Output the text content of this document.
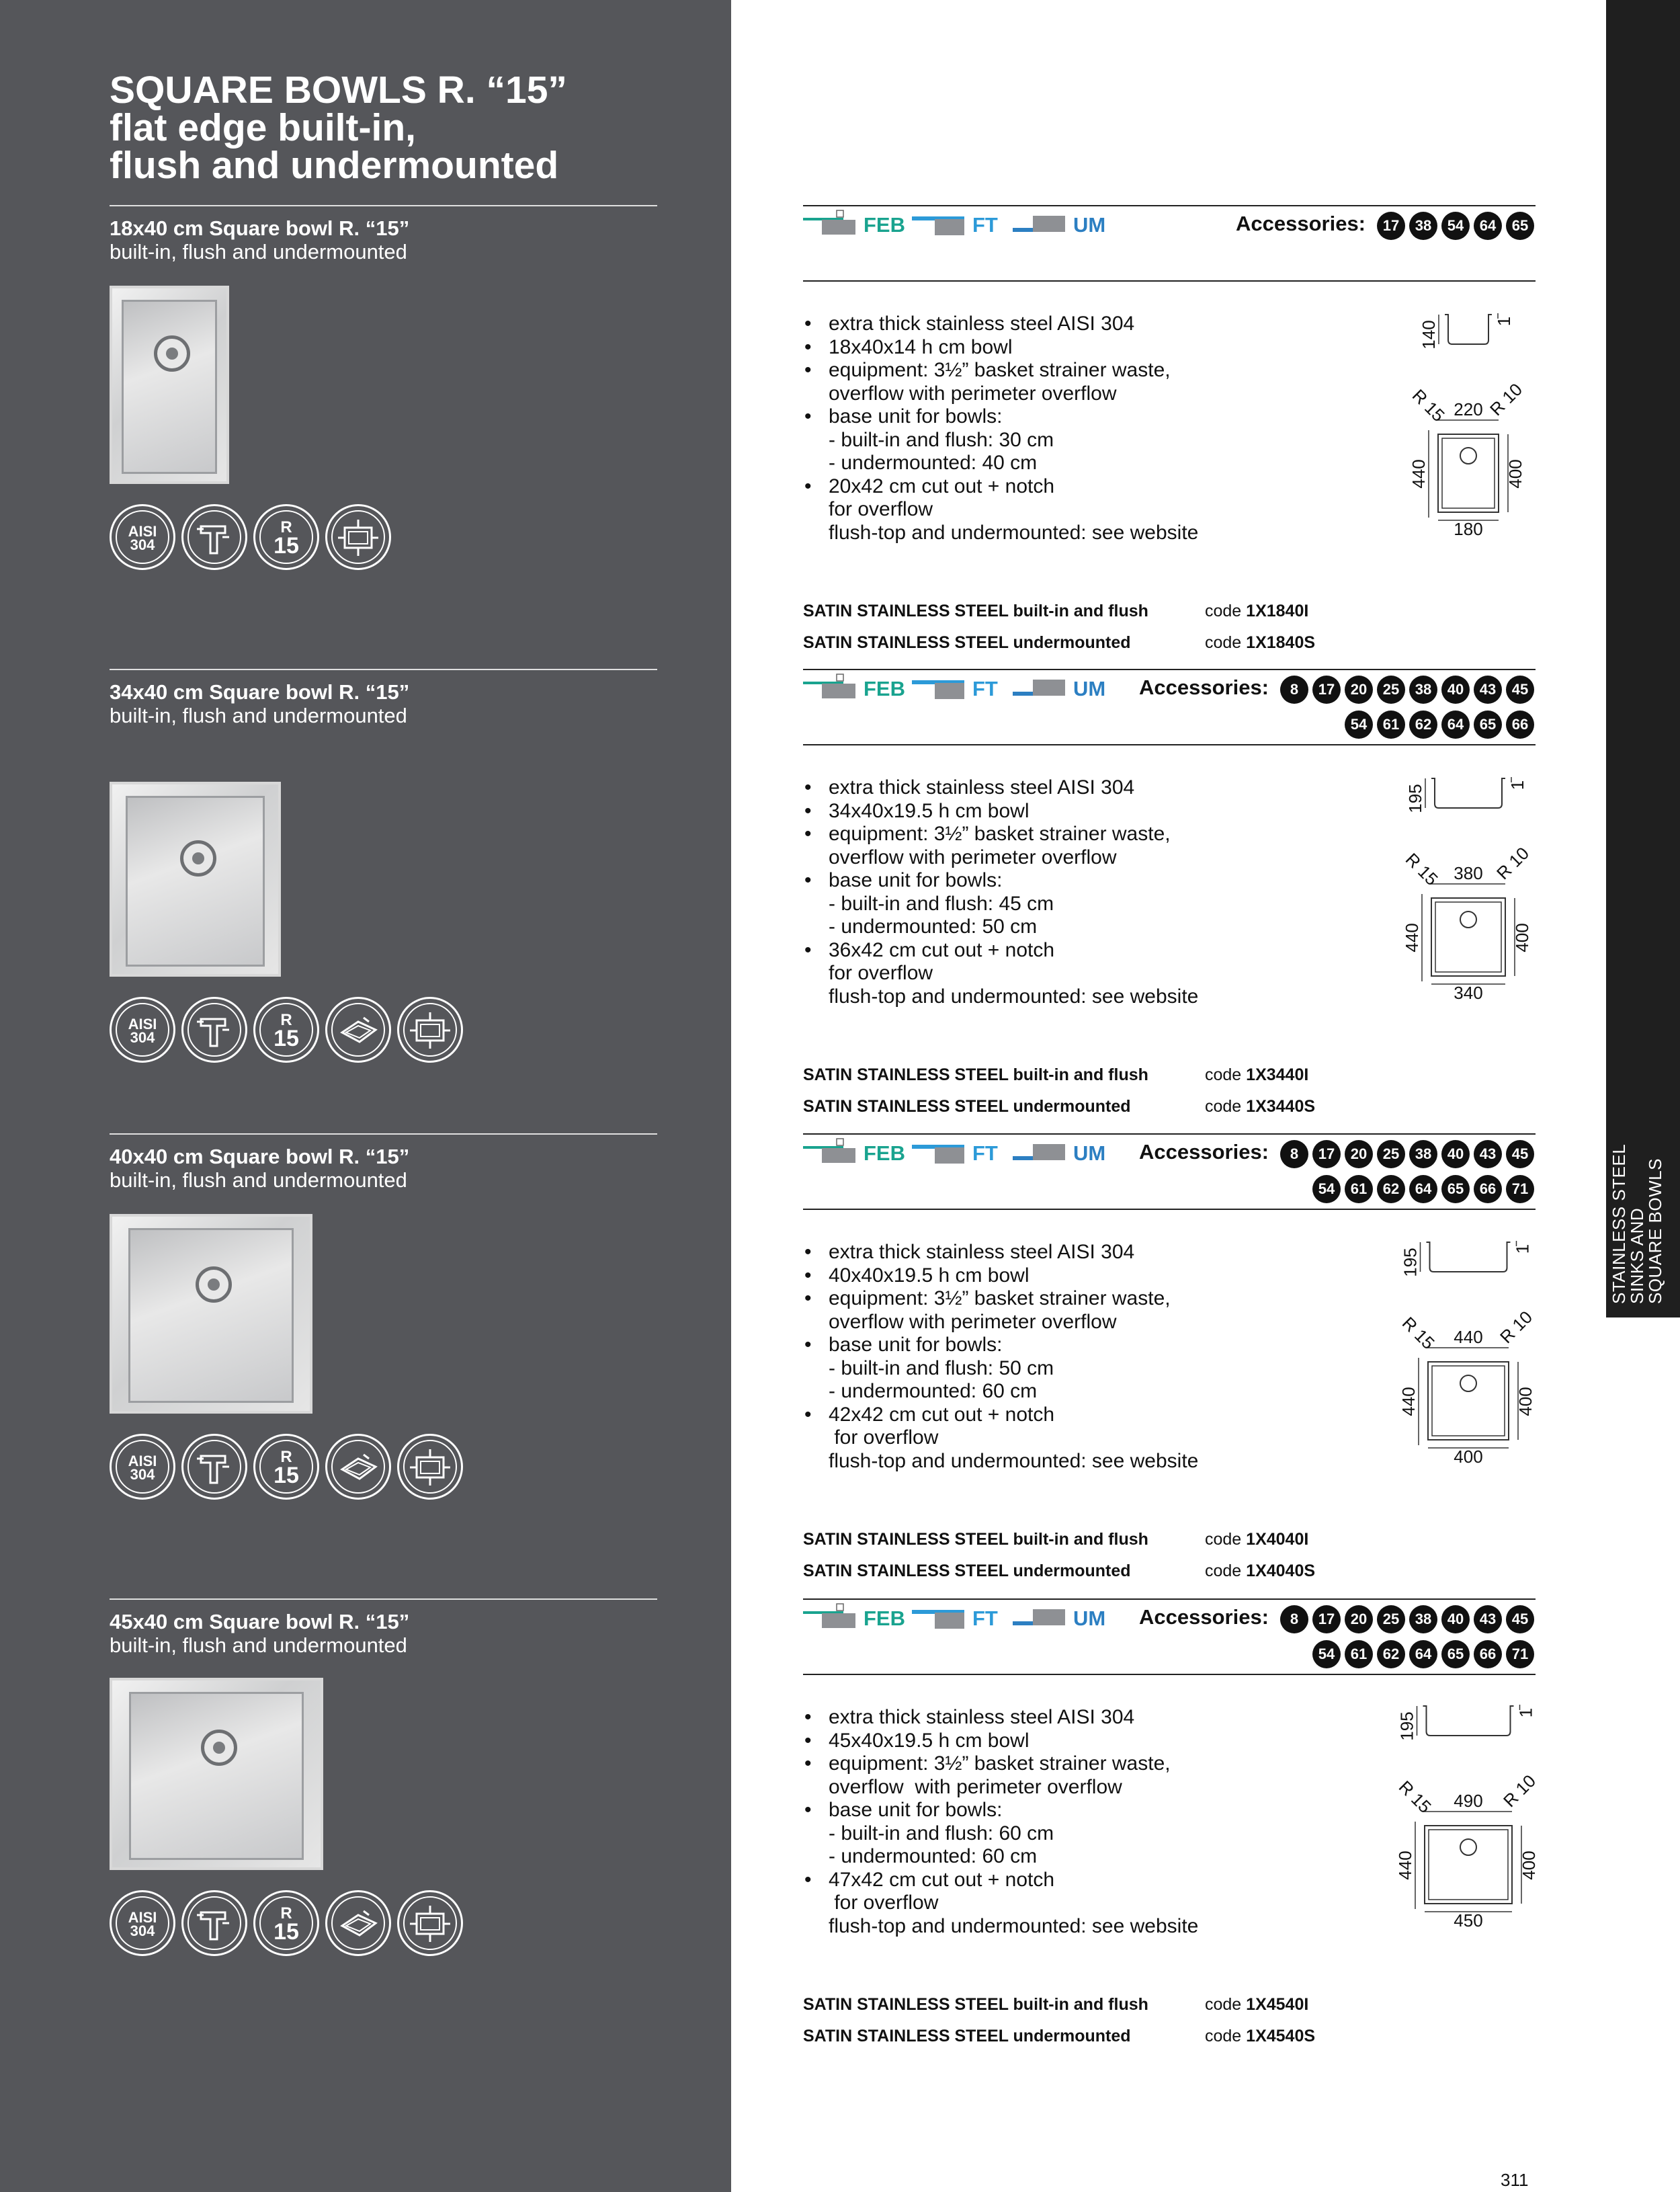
STAINLESS STEEL
SINKS AND
SQUARE BOWLS
SQUARE BOWLS R. “15”
flat edge built-in,
flush and undermounted
18x40 cm Square bowl R. “15”
built-in, flush and undermounted
AISI
304
R
15
FEB	FT	UM	Accessories:	17	38	54	64	65
• extra thick stainless steel AISI 304
• 18x40x14 h cm bowl
• equipment: 3½” basket strainer waste,
overflow with perimeter overflow
• base unit for bowls:
- built-in and flush: 30 cm
- undermounted: 40 cm
• 20x42 cm cut out + notch
for overflow
flush-top and undermounted: see website
SATIN STAINLESS STEEL built-in and flush	code 1X1840I
SATIN STAINLESS STEEL undermounted	code 1X1840S
140	1
R 15 R 10
220
440	400
180
34x40 cm Square bowl R. “15”
built-in, flush and undermounted
AISI
304
R
15
FEB	FT	UM Accessories:	8	17	20	25	38	40	43	45
54	61	62	64	65	66
• extra thick stainless steel AISI 304
• 34x40x19.5 h cm bowl
• equipment: 3½” basket strainer waste,
overflow with perimeter overflow
• base unit for bowls:
- built-in and flush: 45 cm
- undermounted: 50 cm
• 36x42 cm cut out + notch
for overflow
flush-top and undermounted: see website
SATIN STAINLESS STEEL built-in and flush	code 1X3440I
SATIN STAINLESS STEEL undermounted	code 1X3440S
195	1
R 15	R 10
380
440	400
340
40x40 cm Square bowl R. “15”
built-in, flush and undermounted
AISI
304
R
15
FEB	FT	UM Accessories:	8	17	20	25	38	40	43	45
54	61	62	64	65	66	71
• extra thick stainless steel AISI 304
• 40x40x19.5 h cm bowl
• equipment: 3½” basket strainer waste,
overflow with perimeter overflow
• base unit for bowls:
- built-in and flush: 50 cm
- undermounted: 60 cm
• 42x42 cm cut out + notch
for overflow
flush-top and undermounted: see website
SATIN STAINLESS STEEL built-in and flush	code 1X4040I
SATIN STAINLESS STEEL undermounted	code 1X4040S
195	1
R 15	R 10
440
440	400
400
45x40 cm Square bowl R. “15”
built-in, flush and undermounted
AISI
304
R
15
FEB	FT	UM Accessories:	8	17	20	25	38	40	43	45
54	61	62	64	65	66	71
• extra thick stainless steel AISI 304
• 45x40x19.5 h cm bowl
• equipment: 3½” basket strainer waste,
overflow  with perimeter overflow
• base unit for bowls:
- built-in and flush: 60 cm
- undermounted: 60 cm
• 47x42 cm cut out + notch
for overflow
flush-top and undermounted: see website
SATIN STAINLESS STEEL built-in and flush	code 1X4540I
SATIN STAINLESS STEEL undermounted	code 1X4540S
195	1
R 15	R 10
490
440	400
450
311
